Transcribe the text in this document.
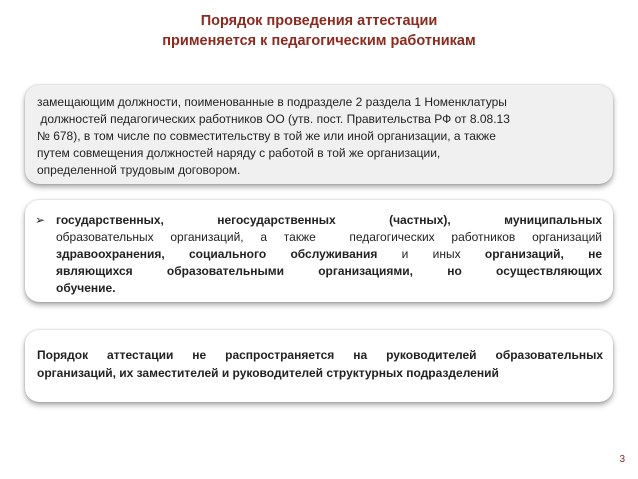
Порядок проведения аттестации
применяется к педагогическим работникам
замещающим должности, поименованные в подразделе 2 раздела 1 Номенклатуры
должностей педагогических работников ОО (утв. пост. Правительства РФ от 8.08.13
№ 678), в том числе по совместительству в той же или иной организации, а также
путем совмещения должностей наряду с работой в той же организации,
определенной трудовым договором.
➢ государственных, негосударственных (частных), муниципальных
образовательных организаций, а также  педагогических работников организаций
здравоохранения, социального обслуживания и иных организаций, не
являющихся образовательными организациями, но осуществляющих
обучение.
Порядок аттестации не распространяется на руководителей образовательных
организаций, их заместителей и руководителей структурных подразделений
3
